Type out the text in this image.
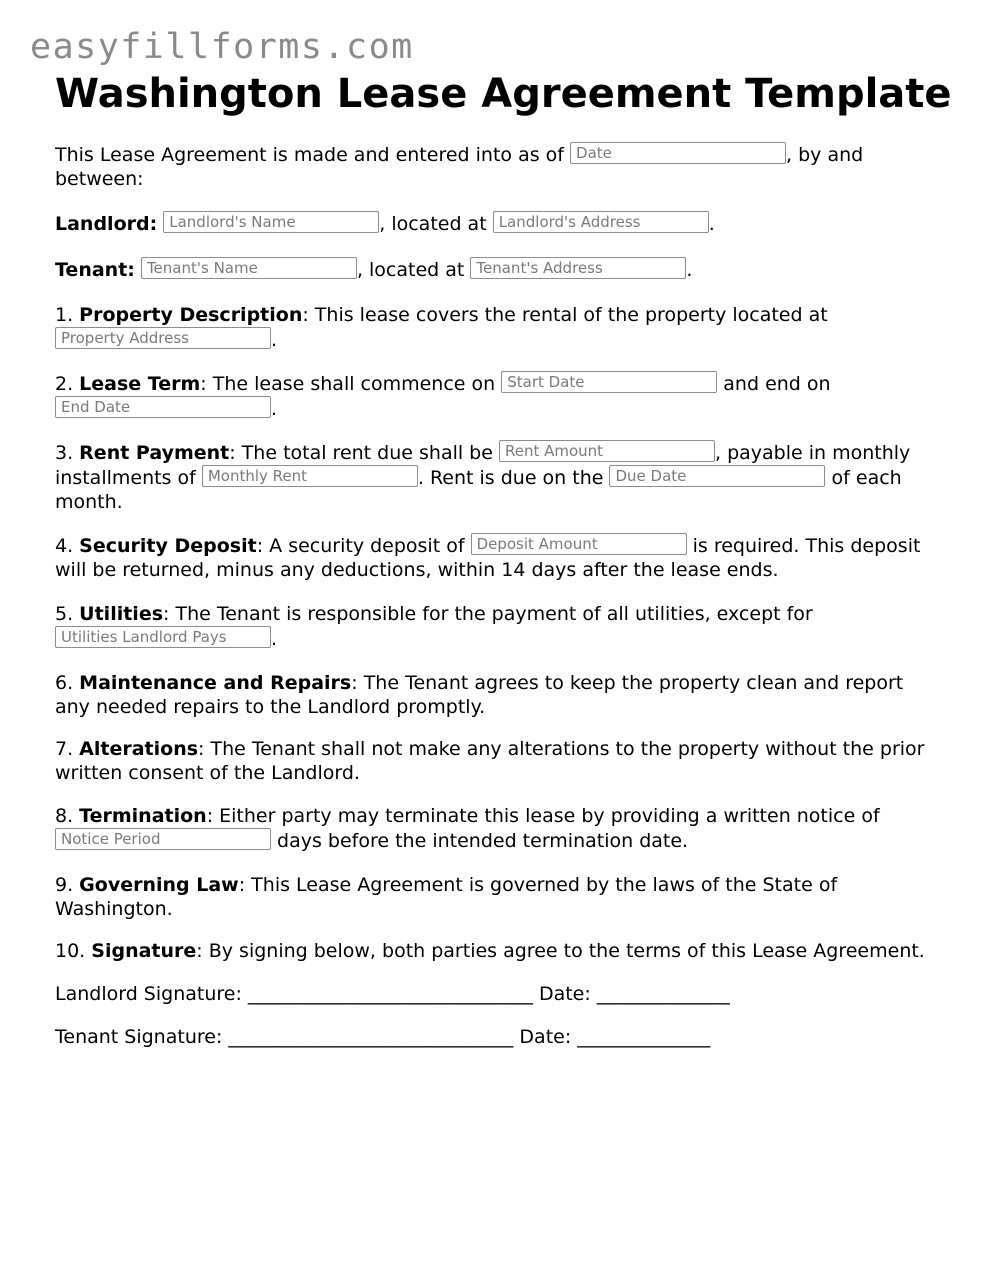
easyfillforms.com
Washington Lease Agreement Template

This Lease Agreement is made and entered into as of Date	, by and between:

Landlord: Landlord's Name	, located at Landlord's Address	.

Tenant: Tenant's Name	, located at Tenant's Address	.

1. Property Description: This lease covers the rental of the property located at Property Address	.

2. Lease Term: The lease shall commence on Start Date	and end on End Date	.

3. Rent Payment: The total rent due shall be Rent Amount	, payable in monthly installments of Monthly Rent	. Rent is due on the Due Date	of each month.

4. Security Deposit: A security deposit of Deposit Amount	is required. This deposit will be returned, minus any deductions, within 14 days after the lease ends.

5. Utilities: The Tenant is responsible for the payment of all utilities, except for Utilities Landlord Pays .

6. Maintenance and Repairs: The Tenant agrees to keep the property clean and report any needed repairs to the Landlord promptly.

7. Alterations: The Tenant shall not make any alterations to the property without the prior written consent of the Landlord.

8. Termination: Either party may terminate this lease by providing a written notice of Notice Period	days before the intended termination date.

9. Governing Law: This Lease Agreement is governed by the laws of the State of Washington.

10. Signature: By signing below, both parties agree to the terms of this Lease Agreement.

Landlord Signature: ______________________________ Date: ______________

Tenant Signature: ______________________________ Date: ______________
